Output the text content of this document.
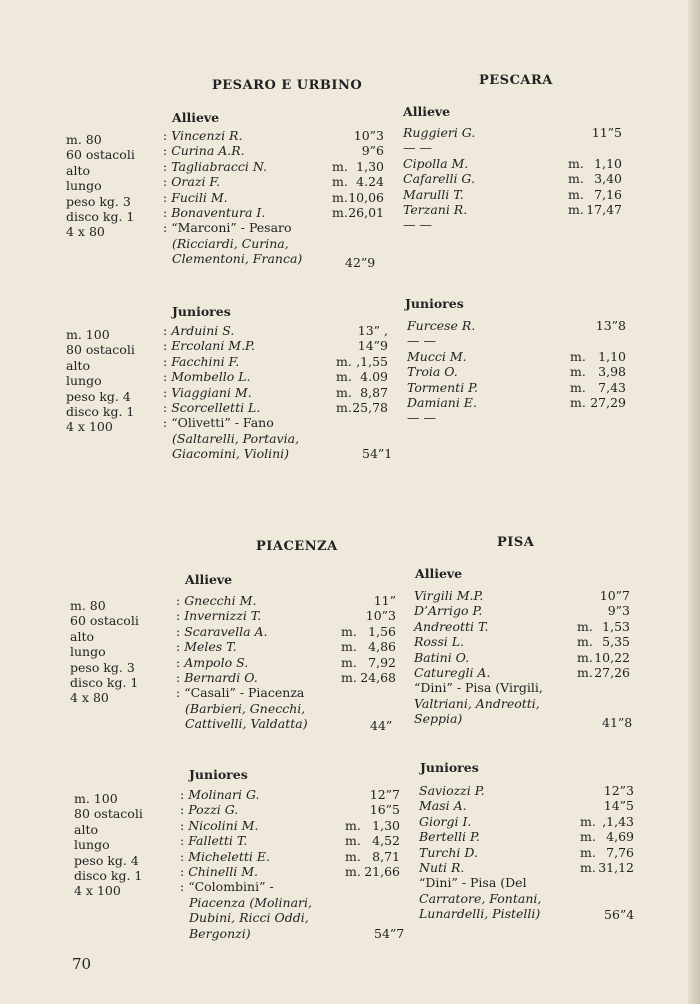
PESARO E URBINO
Allieve
m. 80
60 ostacoli
alto
lungo
peso kg. 3
disco kg. 1
4 x 80
: Vincenzi R.
: Curina A.R.
: Tagliabracci N.
: Orazi F.
: Fucili M.
: Bonaventura I.
: “Marconi” - Pesaro
(Ricciardi, Curina,
Clementoni, Franca)
m.
m.
m.
m.
10”3
9”6
1,30
4.24
10,06
26,01
42”9
Juniores
m. 100
80 ostacoli
alto
lungo
peso kg. 4
disco kg. 1
4 x 100
: Arduini S.
: Ercolani M.P.
: Facchini F.
: Mombello L.
: Viaggiani M.
: Scorcelletti L.
: “Olivetti” - Fano
(Saltarelli, Portavia,
Giacomini, Violini)
m.
m.
m.
m.
13” ,
14”9
,1,55
4.09
8,87
25,78
54”1
PESCARA
Allieve
Ruggieri G.
— —
Cipolla M.
Cafarelli G.
Marulli T.
Terzani R.
— —
m.
m.
m.
m.
11”5
1,10
3,40
7,16
17,47
Juniores
Furcese R.
— —
Mucci M.
Troia O.
Tormenti P.
Damiani E.
— —
m.
m.
m.
m.
13”8
1,10
3,98
7,43
27,29
PIACENZA
Allieve
m. 80
60 ostacoli
alto
lungo
peso kg. 3
disco kg. 1
4 x 80
: Gnecchi M.
: Invernizzi T.
: Scaravella A.
: Meles T.
: Ampolo S.
: Bernardi O.
: “Casali” - Piacenza
(Barbieri, Gnecchi,
Cattivelli, Valdatta)
m.
m.
m.
m.
11”
10”3
1,56
4,86
7,92
24,68
44”
Juniores
m. 100
80 ostacoli
alto
lungo
peso kg. 4
disco kg. 1
4 x 100
: Molinari G.
: Pozzi G.
: Nicolini M.
: Falletti T.
: Micheletti E.
: Chinelli M.
: “Colombini” -
Piacenza (Molinari,
Dubini, Ricci Oddi,
Bergonzi)
m.
m.
m.
m.
12”7
16”5
1,30
4,52
8,71
21,66
54”7
PISA
Allieve
Virgili M.P.
D’Arrigo P.
Andreotti T.
Rossi L.
Batini O.
Caturegli A.
“Dini” - Pisa (Virgili,
Valtriani, Andreotti,
Seppia)
m.
m.
m.
m.
10”7
9”3
1,53
5,35
10,22
27,26
41”8
Juniores
Saviozzi P.
Masi A.
Giorgi I.
Bertelli P.
Turchi D.
Nuti R.
“Dini” - Pisa (Del
Carratore, Fontani,
Lunardelli, Pistelli)
m.
m.
m.
m.
12”3
14”5
,1,43
4,69
7,76
31,12
56”4
70
